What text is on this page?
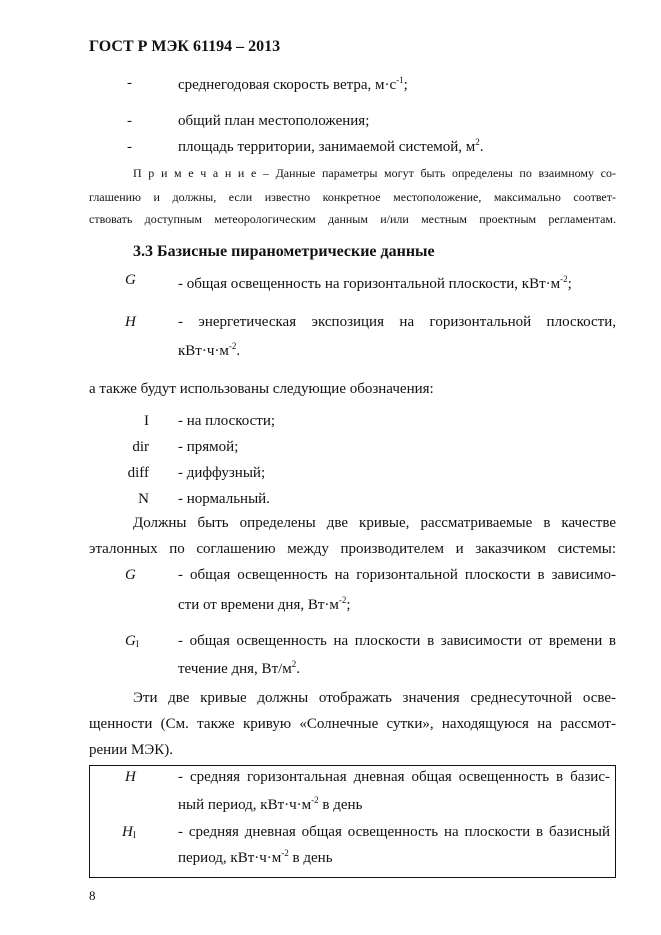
ГОСТ Р МЭК 61194 – 2013
-	среднегодовая скорость ветра, $м\cdot с^{-1}$;
-	общий план местоположения;
-	площадь территории, занимаемой системой, $м^2$.
П р и м е ч а н и е – Данные параметры могут быть определены по взаимному со-
глашению и должны, если известно конкретное местоположение, максимально соответ-
ствовать доступным метеорологическим данным и/или местным проектным регламентам.
3.3 Базисные пиранометрические данные
G	- общая освещенность на горизонтальной плоскости, $кВт\cdot м^{-2}$;
H	- энергетическая экспозиция на горизонтальной плоскости,
$кВт\cdot ч\cdot м^{-2}$.
а также будут использованы следующие обозначения:
I - на плоскости;
dir - прямой;
diff - диффузный;
N - нормальный.
Должны быть определены две кривые, рассматриваемые в качестве
эталонных по соглашению между производителем и заказчиком системы:
G	- общая освещенность на горизонтальной плоскости в зависимо-
сти от времени дня, $Вт\cdot м^{-2}$;
$G_I$	- общая освещенность на плоскости в зависимости от времени в
течение дня, $Вт/м^2$.
Эти две кривые должны отображать значения среднесуточной осве-
щенности (См. также кривую «Солнечные сутки», находящуюся на рассмот-
рении МЭК).
H	- средняя горизонтальная дневная общая освещенность в базис-
ный период, $кВт\cdot ч\cdot м^{-2}$ в день
$H_I$	- средняя дневная общая освещенность на плоскости в базисный
период, $кВт\cdot ч\cdot м^{-2}$ в день
8
